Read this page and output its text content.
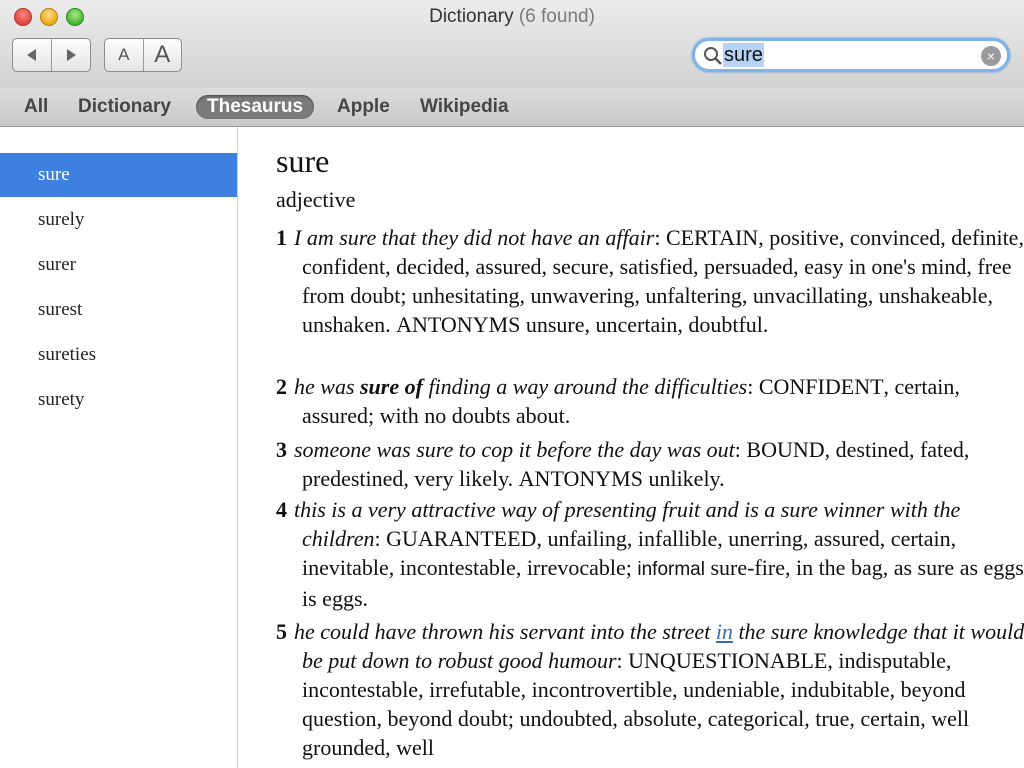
Dictionary (6 found)
A	A	sure	×
All Dictionary	Thesaurus	Apple Wikipedia
sure
surely
surer
surest
sureties
surety
sure
adjective
1 I am sure that they did not have an affair: CERTAIN, positive, convinced, definite, confident, decided, assured, secure, satisfied, persuaded, easy in one's mind, free from doubt; unhesitating, unwavering, unfaltering, unvacillating, unshakeable, unshaken. ANTONYMS unsure, uncertain, doubtful.
2 he was sure of finding a way around the difficulties: CONFIDENT, certain, assured; with no doubts about.
3 someone was sure to cop it before the day was out: BOUND, destined, fated, predestined, very likely. ANTONYMS unlikely.
4 this is a very attractive way of presenting fruit and is a sure winner with the children: GUARANTEED, unfailing, infallible, unerring, assured, certain, inevitable, incontestable, irrevocable; informal sure-fire, in the bag, as sure as eggs is eggs.
5 he could have thrown his servant into the street in the sure knowledge that it would be put down to robust good humour: UNQUESTIONABLE, indisputable, incontestable, irrefutable, incontrovertible, undeniable, indubitable, beyond question, beyond doubt; undoubted, absolute, categorical, true, certain, well grounded, well
